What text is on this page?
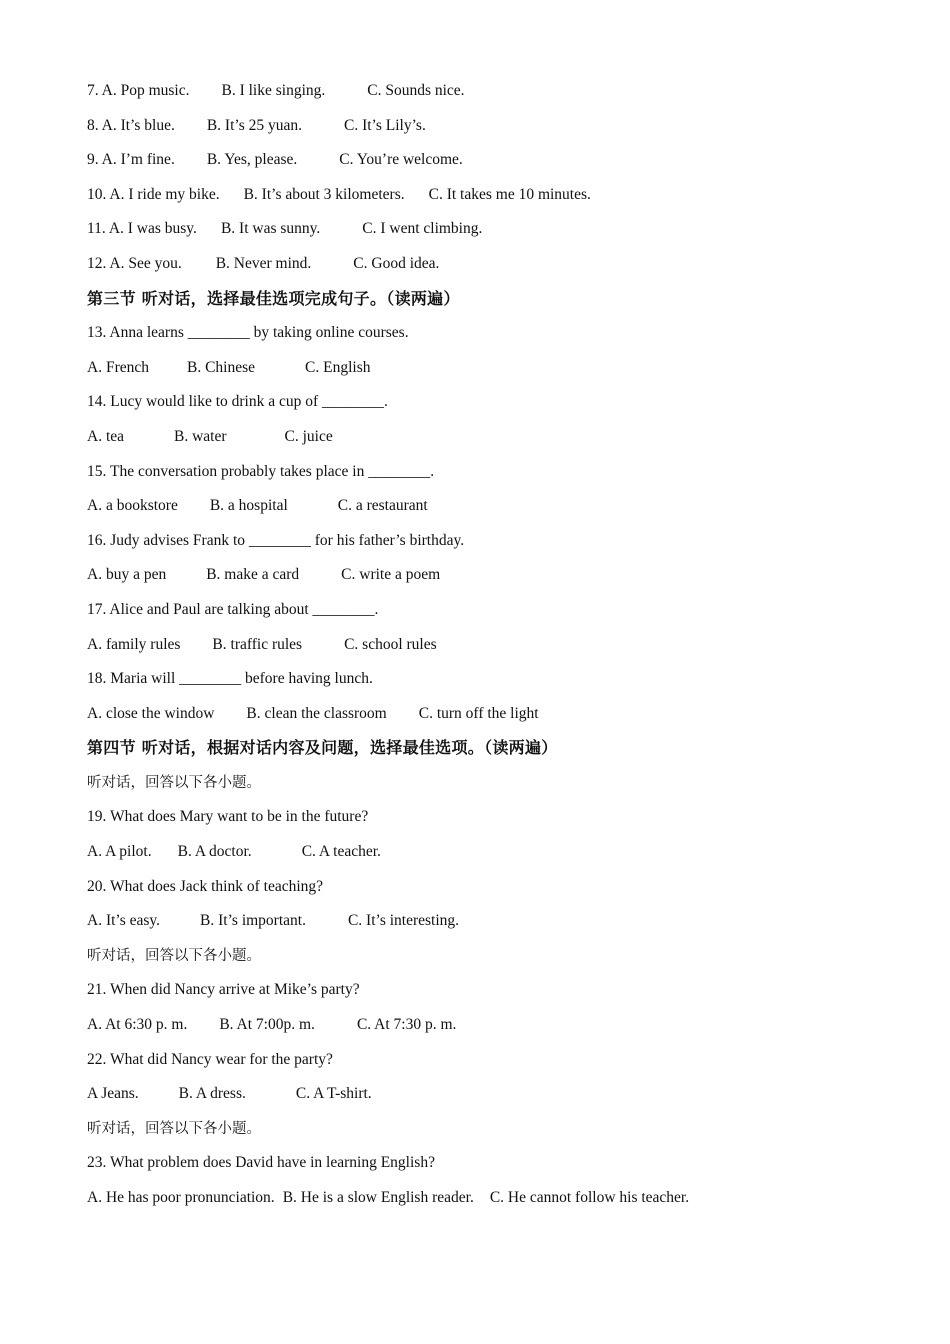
7. A. Pop music. B. I like singing.	C. Sounds nice.
8. A. It’s blue. B. It’s 25 yuan.	C. It’s Lily’s.
9. A. I’m fine. B. Yes, please.	C. You’re welcome.
10. A. I ride my bike. B. It’s about 3 kilometers. C. It takes me 10 minutes.
11. A. I was busy. B. It was sunny.	C. I went climbing.
12. A. See you. B. Never mind.	C. Good idea.
第三节 听对话，选择最佳选项完成句子。（读两遍）
13. Anna learns ________ by taking online courses.
A. French B. Chinese	C. English
14. Lucy would like to drink a cup of ________.
A. tea	B. water	C. juice
15. The conversation probably takes place in ________.
A. a bookstore B. a hospital	C. a restaurant
16. Judy advises Frank to ________ for his father’s birthday.
A. buy a pen	B. make a card	C. write a poem
17. Alice and Paul are talking about ________.
A. family rules B. traffic rules	C. school rules
18. Maria will ________ before having lunch.
A. close the window B. clean the classroom C. turn off the light
第四节 听对话，根据对话内容及问题，选择最佳选项。（读两遍）
听对话，回答以下各小题。
19. What does Mary want to be in the future?
A. A pilot. B. A doctor.	C. A teacher.
20. What does Jack think of teaching?
A. It’s easy.	B. It’s important.	C. It’s interesting.
听对话，回答以下各小题。
21. When did Nancy arrive at Mike’s party?
A. At 6:30 p. m. B. At 7:00p. m.	C. At 7:30 p. m.
22. What did Nancy wear for the party?
A Jeans.	B. A dress.	C. A T-shirt.
听对话，回答以下各小题。
23. What problem does David have in learning English?
A. He has poor pronunciation. B. He is a slow English reader. C. He cannot follow his teacher.
